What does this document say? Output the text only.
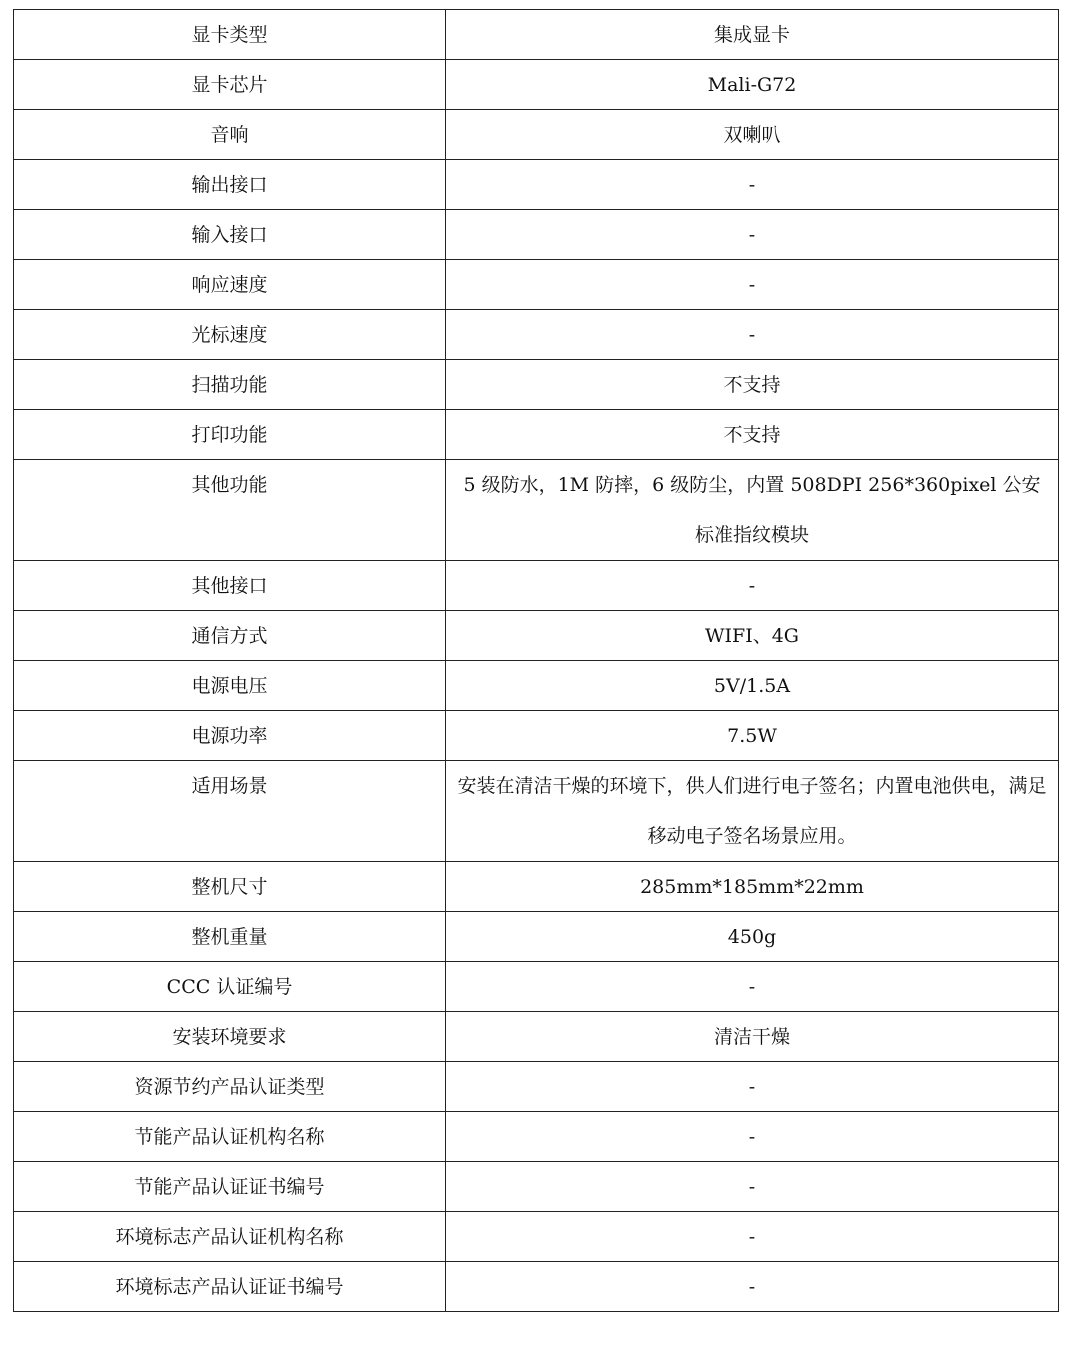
显卡类型	集成显卡
显卡芯片	Mali-G72
音响	双喇叭
输出接口	-
输入接口	-
响应速度	-
光标速度	-
扫描功能	不支持
打印功能	不支持
其他功能	5 级防水，1M 防摔，6 级防尘，内置 508DPI 256*360pixel 公安标准指纹模块
其他接口	-
通信方式	WIFI、4G
电源电压	5V/1.5A
电源功率	7.5W
适用场景	安装在清洁干燥的环境下，供人们进行电子签名；内置电池供电，满足移动电子签名场景应用。
整机尺寸	285mm*185mm*22mm
整机重量	450g
CCC 认证编号	-
安装环境要求	清洁干燥
资源节约产品认证类型	-
节能产品认证机构名称	-
节能产品认证证书编号	-
环境标志产品认证机构名称	-
环境标志产品认证证书编号	-
